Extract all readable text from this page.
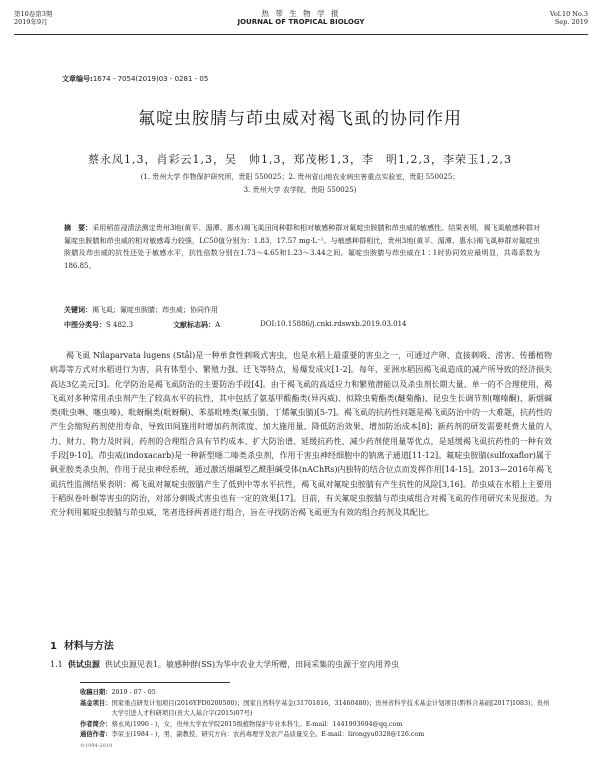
第10卷第3期
2019年9月
热 带 生 物 学 报
JOURNAL OF TROPICAL BIOLOGY
Vol.10 No.3
Sep. 2019
文章编号:1674 - 7054(2019)03 - 0281 - 05
氟啶虫胺腈与茚虫威对褐飞虱的协同作用
蔡永凤1,3，肖彩云1,3，吴　帅1,3，郑茂彬1,3，李　明1,2,3，李荣玉1,2,3
(1. 贵州大学 作物保护研究所，贵阳 550025；2. 贵州省山地农业病虫害重点实验室，贵阳 550025；
3. 贵州大学 农学院，贵阳 550025)
摘　要：采用稻苗浸渍法测定贵州3地(黄平、湄潭、惠水)褐飞虱田间种群和相对敏感种群对氟啶虫胺腈和茚虫威的敏感性。结果表明，褐飞虱敏感种群对氟啶虫胺腈和茚虫威的相对敏感毒力较强，LC50值分别为：1.83，17.57 mg·L⁻¹。与敏感种群相比，贵州3地(黄平、湄潭、惠水)褐飞虱种群对氟啶虫胺腈及茚虫威的抗性还处于敏感水平，抗性倍数分别在1.73～4.65和1.23～3.44之间。氟啶虫胺腈与茚虫威在1∶1时协同效应最明显，共毒系数为186.85。
关键词：褐飞虱；氟啶虫胺腈；茚虫威；协同作用
中图分类号：S 482.3	文献标志码：A	DOI:10.15886/j.cnki.rdswxb.2019.03.014
褐飞虱 Nilaparvata lugens (Stål)是一种单食性刺吸式害虫，也是水稻上最重要的害虫之一，可通过产卵、直接刺吸、涝害、传播植物病毒等方式对水稻进行为害，具有体型小、繁殖力强、迁飞等特点，易爆发成灾[1-2]。每年，亚洲水稻因褐飞虱造成的减产所导致的经济损失高达3亿美元[3]。化学防治是褐飞虱防治的主要防治手段[4]。由于褐飞虱的高适应力和繁殖潜能以及杀虫剂长期大量、单一的不合理使用，褐飞虱对多种常用杀虫剂产生了较高水平的抗性，其中包括了氨基甲酸酯类(异丙威)、拟除虫菊酯类(醚菊酯)、昆虫生长调节剂(噻嗪酮)、新烟碱类(吡虫啉、噻虫嗪)、吡蚜酮类(吡蚜酮)、苯基吡唑类(氟虫腈、丁烯氟虫腈)[5-7]。褐飞虱的抗药性问题是褐飞虱防治中的一大难题，抗药性的产生会缩短药剂使用寿命，导致田间施用时增加药剂浓度、加大施用量、降低防治效果、增加防治成本[8]；新药剂的研发需要耗费大量的人力、财力、物力及时间，药剂的合理组合具有节约成本、扩大防治谱、延缓抗药性、减少药剂使用量等优点，是延缓褐飞虱抗药性的一种有效手段[9-10]。茚虫威(indoxacarb)是一种新型噁二嗪类杀虫剂，作用于害虫神经细胞中的钠离子通道[11-12]。氟啶虫胺腈(sulfoxaflor)属于砜亚胺类杀虫剂，作用于昆虫神经系统，通过激活烟碱型乙酰胆碱受体(nAChRs)内独特的结合位点而发挥作用[14-15]。2013—2016年褐飞虱抗性监测结果表明：褐飞虱对氟啶虫胺腈产生了低到中等水平抗性，褐飞虱对氟啶虫胺腈有产生抗性的风险[3,16]。茚虫威在水稻上主要用于稻纵卷叶螟等害虫的防治，对部分刺吸式害虫也有一定的效果[17]。目前，有关氟啶虫胺腈与茚虫威组合对褐飞虱的作用研究未见报道。为充分利用氟啶虫胺腈与茚虫威，笔者选择两者进行组合，旨在寻找防治褐飞虱更为有效的组合药剂及其配比。
1 材料与方法
1.1 供试虫源 供试虫源见表1。敏感种群(SS)为华中农业大学所赠，田间采集的虫源于室内用养虫
收稿日期： 2019 - 07 - 05
基金项目： 国家重点研发计划项目(2016YFD0200500)；国家自然科学基金(31701816，31460480)；贵州省科学技术基金计划项目(黔科合基础[2017]1083)；贵州大学引进人才科研项目(贵大人基合字(2015)07号)
作者简介： 蔡永凤(1996 - )，女，贵州大学农学院2015级植物保护专业本科生。E-mail：1441993694@qq.com
通信作者： 李荣玉(1984 - )，男，副教授，研究方向：农药毒理学及农产品质量安全。E-mail：lirongyu0328@126.com
©1994-2019
